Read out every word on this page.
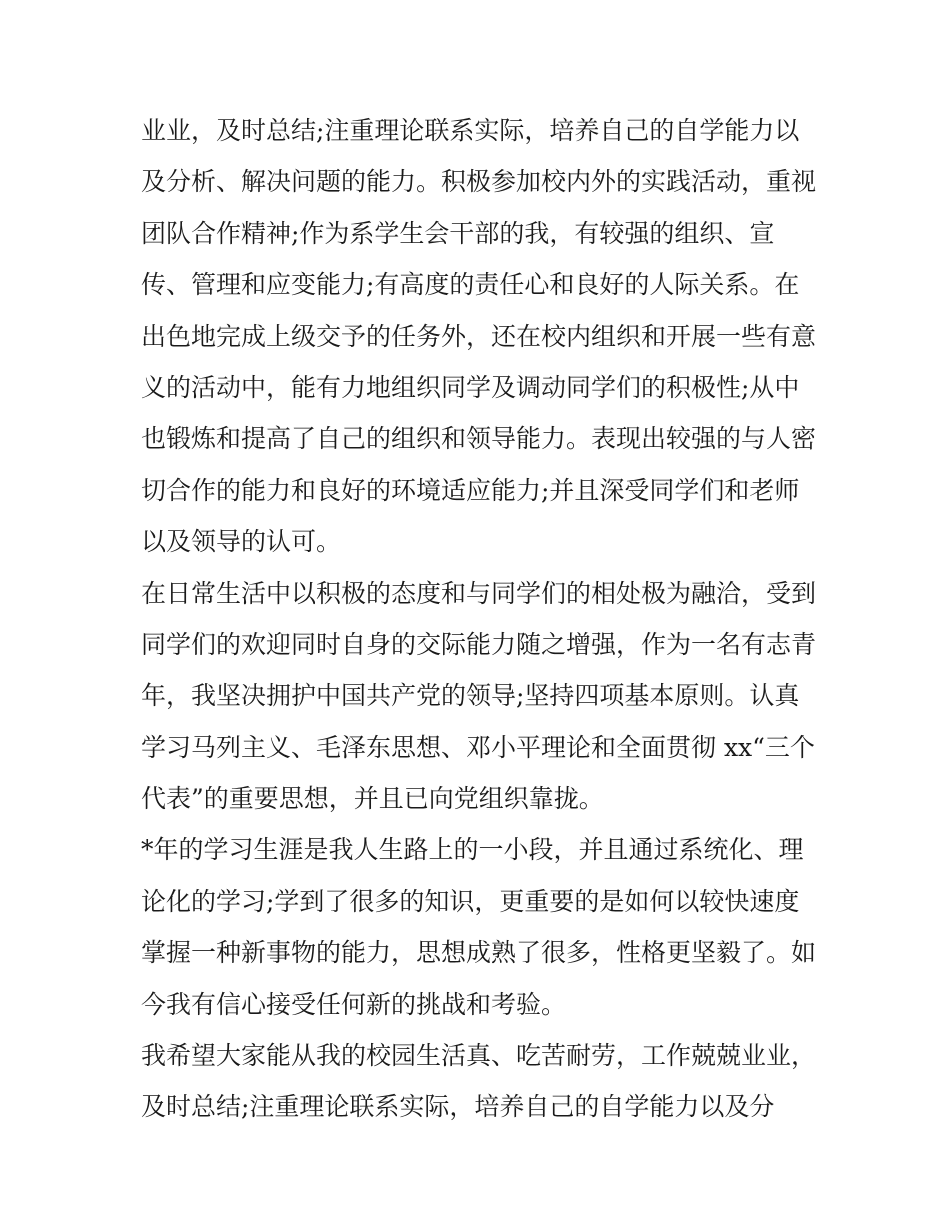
业业，及时总结;注重理论联系实际，培养自己的自学能力以
及分析、解决问题的能力。积极参加校内外的实践活动，重视
团队合作精神;作为系学生会干部的我，有较强的组织、宣
传、管理和应变能力;有高度的责任心和良好的人际关系。在
出色地完成上级交予的任务外，还在校内组织和开展一些有意
义的活动中，能有力地组织同学及调动同学们的积极性;从中
也锻炼和提高了自己的组织和领导能力。表现出较强的与人密
切合作的能力和良好的环境适应能力;并且深受同学们和老师
以及领导的认可。
在日常生活中以积极的态度和与同学们的相处极为融洽，受到
同学们的欢迎同时自身的交际能力随之增强，作为一名有志青
年，我坚决拥护中国共产党的领导;坚持四项基本原则。认真
学习马列主义、毛泽东思想、邓小平理论和全面贯彻 xx“三个
代表”的重要思想，并且已向党组织靠拢。
*年的学习生涯是我人生路上的一小段，并且通过系统化、理
论化的学习;学到了很多的知识，更重要的是如何以较快速度
掌握一种新事物的能力，思想成熟了很多，性格更坚毅了。如
今我有信心接受任何新的挑战和考验。
我希望大家能从我的校园生活真、吃苦耐劳，工作兢兢业业，
及时总结;注重理论联系实际，培养自己的自学能力以及分
